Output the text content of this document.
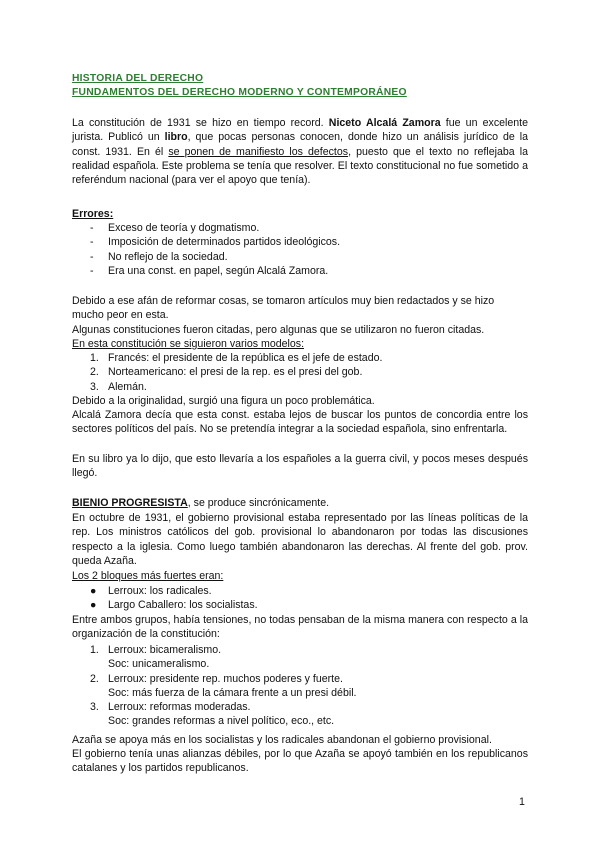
HISTORIA DEL DERECHO
FUNDAMENTOS DEL DERECHO MODERNO Y CONTEMPORÁNEO
La constitución de 1931 se hizo en tiempo record. Niceto Alcalá Zamora fue un excelente jurista. Publicó un libro, que pocas personas conocen, donde hizo un análisis jurídico de la const. 1931. En él se ponen de manifiesto los defectos, puesto que el texto no reflejaba la realidad española. Este problema se tenía que resolver. El texto constitucional no fue sometido a referéndum nacional (para ver el apoyo que tenía).
Errores:
- Exceso de teoría y dogmatismo.
- Imposición de determinados partidos ideológicos.
- No reflejo de la sociedad.
- Era una const. en papel, según Alcalá Zamora.
Debido a ese afán de reformar cosas, se tomaron artículos muy bien redactados y se hizo mucho peor en esta.
Algunas constituciones fueron citadas, pero algunas que se utilizaron no fueron citadas.
En esta constitución se siguieron varios modelos:
1. Francés: el presidente de la república es el jefe de estado.
2. Norteamericano: el presi de la rep. es el presi del gob.
3. Alemán.
Debido a la originalidad, surgió una figura un poco problemática.
Alcalá Zamora decía que esta const. estaba lejos de buscar los puntos de concordia entre los sectores políticos del país. No se pretendía integrar a la sociedad española, sino enfrentarla.
En su libro ya lo dijo, que esto llevaría a los españoles a la guerra civil, y pocos meses después llegó.
BIENIO PROGRESISTA, se produce sincrónicamente.
En octubre de 1931, el gobierno provisional estaba representado por las líneas políticas de la rep. Los ministros católicos del gob. provisional lo abandonaron por todas las discusiones respecto a la iglesia. Como luego también abandonaron las derechas. Al frente del gob. prov. queda Azaña.
Los 2 bloques más fuertes eran:
● Lerroux: los radicales.
● Largo Caballero: los socialistas.
Entre ambos grupos, había tensiones, no todas pensaban de la misma manera con respecto a la organización de la constitución:
1. Lerroux: bicameralismo.
Soc: unicameralismo.
2. Lerroux: presidente rep. muchos poderes y fuerte.
Soc: más fuerza de la cámara frente a un presi débil.
3. Lerroux: reformas moderadas.
Soc: grandes reformas a nivel político, eco., etc.
Azaña se apoya más en los socialistas y los radicales abandonan el gobierno provisional.
El gobierno tenía unas alianzas débiles, por lo que Azaña se apoyó también en los republicanos catalanes y los partidos republicanos.
1
